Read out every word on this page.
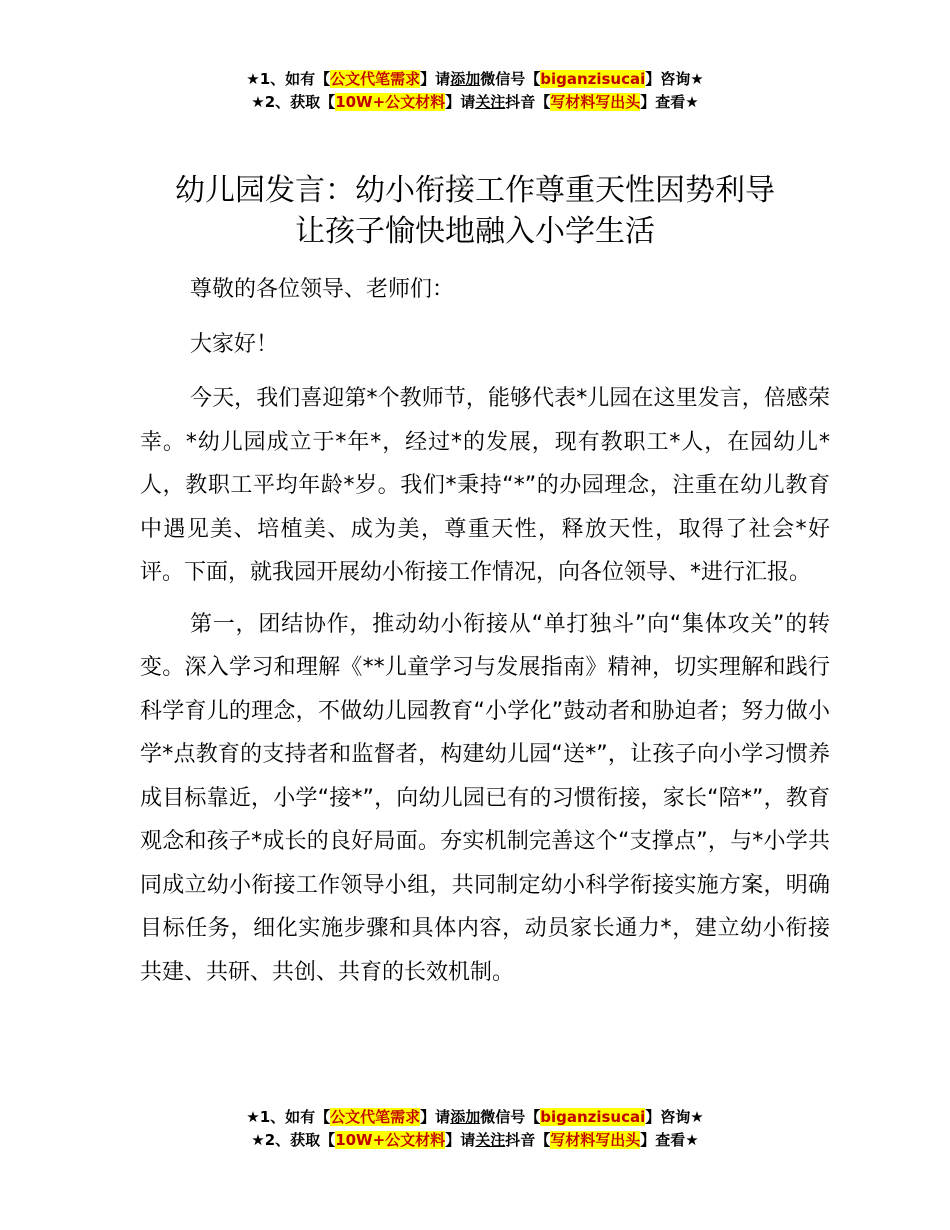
★1、如有【公文代笔需求】请添加微信号【biganzisucai】咨询★
★2、获取【10W+公文材料】请关注抖音【写材料写出头】查看★
幼儿园发言：幼小衔接工作尊重天性因势利导
让孩子愉快地融入小学生活

尊敬的各位领导、老师们：

大家好！

今天，我们喜迎第*个教师节，能够代表*儿园在这里发言，倍感荣幸。*幼儿园成立于*年*，经过*的发展，现有教职工*人，在园幼儿*人，教职工平均年龄*岁。我们*秉持“*”的办园理念，注重在幼儿教育中遇见美、培植美、成为美，尊重天性，释放天性，取得了社会*好评。下面，就我园开展幼小衔接工作情况，向各位领导、*进行汇报。

第一，团结协作，推动幼小衔接从“单打独斗”向“集体攻关”的转变。深入学习和理解《**儿童学习与发展指南》精神，切实理解和践行科学育儿的理念，不做幼儿园教育“小学化”鼓动者和胁迫者；努力做小学*点教育的支持者和监督者，构建幼儿园“送*”，让孩子向小学习惯养成目标靠近，小学“接*”，向幼儿园已有的习惯衔接，家长“陪*”，教育观念和孩子*成长的良好局面。夯实机制完善这个“支撑点”，与*小学共同成立幼小衔接工作领导小组，共同制定幼小科学衔接实施方案，明确目标任务，细化实施步骤和具体内容，动员家长通力*，建立幼小衔接共建、共研、共创、共育的长效机制。

★1、如有【公文代笔需求】请添加微信号【biganzisucai】咨询★
★2、获取【10W+公文材料】请关注抖音【写材料写出头】查看★
